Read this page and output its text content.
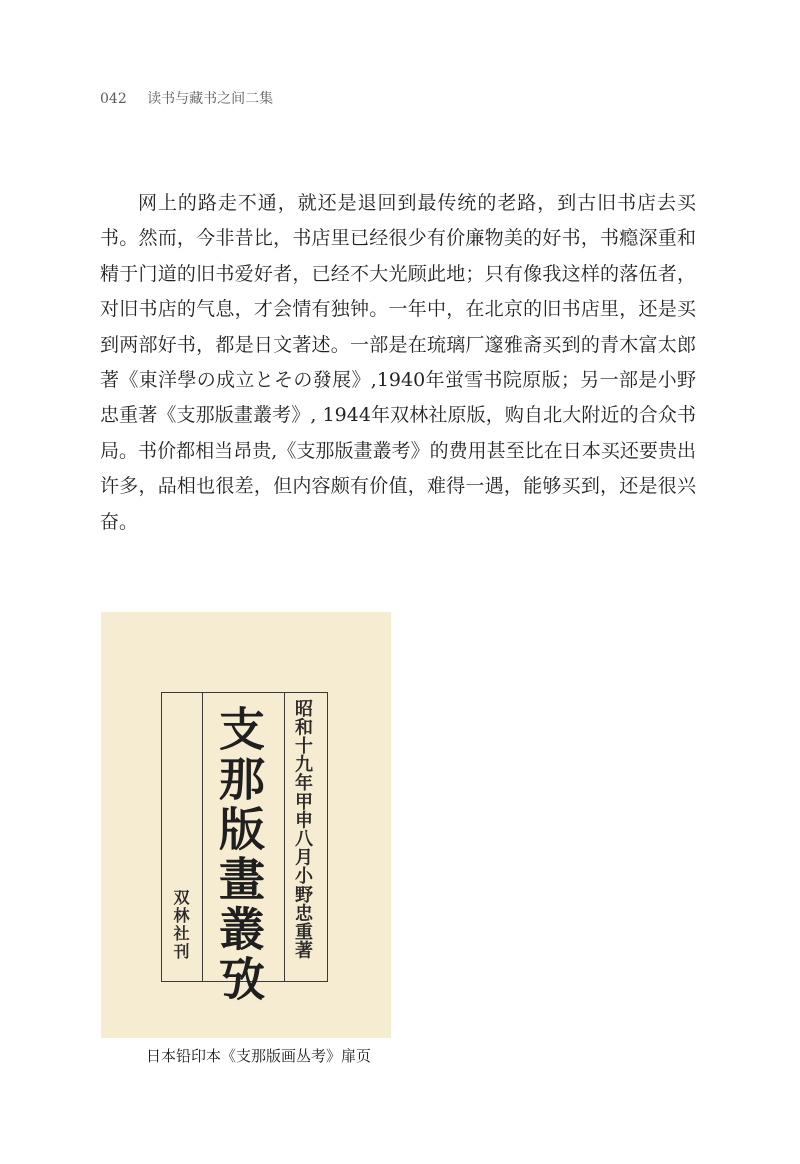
042 读书与藏书之间二集

网上的路走不通，就还是退回到最传统的老路，到古旧书店去买书。然而，今非昔比，书店里已经很少有价廉物美的好书，书瘾深重和精于门道的旧书爱好者，已经不大光顾此地；只有像我这样的落伍者，对旧书店的气息，才会情有独钟。一年中，在北京的旧书店里，还是买到两部好书，都是日文著述。一部是在琉璃厂邃雅斋买到的青木富太郎著《東洋學の成立とその發展》,1940年蛍雪书院原版；另一部是小野忠重著《支那版畫叢考》, 1944年双林社原版，购自北大附近的合众书局。书价都相当昂贵,《支那版畫叢考》的费用甚至比在日本买还要贵出许多，品相也很差，但内容颇有价值，难得一遇，能够买到，还是很兴奋。

昭和十九年甲申八月小野忠重著
支那版畫叢攷
双林社刊
日本铅印本《支那版画丛考》扉页
